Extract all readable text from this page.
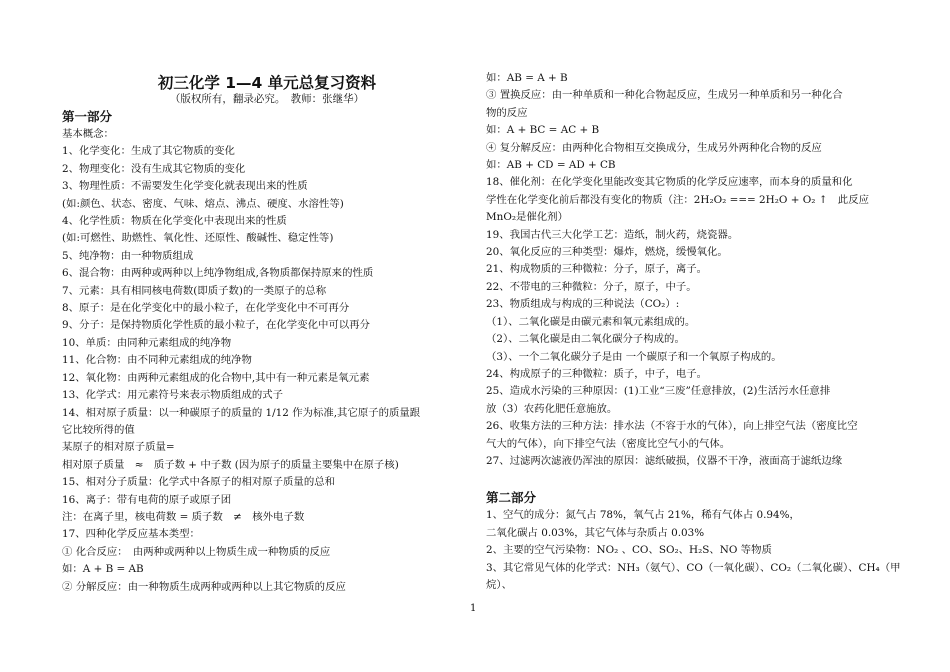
初三化学 1—4 单元总复习资料
（版权所有，翻录必究。　教师：张继华）
第一部分
基本概念：
1、化学变化：生成了其它物质的变化
2、物理变化：没有生成其它物质的变化
3、物理性质：不需要发生化学变化就表现出来的性质
(如:颜色、状态、密度、气味、熔点、沸点、硬度、水溶性等)
4、化学性质：物质在化学变化中表现出来的性质
(如:可燃性、助燃性、氧化性、还原性、酸碱性、稳定性等)
5、纯净物：由一种物质组成
6、混合物：由两种或两种以上纯净物组成,各物质都保持原来的性质
7、元素：具有相同核电荷数(即质子数)的一类原子的总称
8、原子：是在化学变化中的最小粒子，在化学变化中不可再分
9、分子：是保持物质化学性质的最小粒子，在化学变化中可以再分
10、单质：由同种元素组成的纯净物
11、化合物：由不同种元素组成的纯净物
12、氧化物：由两种元素组成的化合物中,其中有一种元素是氧元素
13、化学式：用元素符号来表示物质组成的式子
14、相对原子质量：以一种碳原子的质量的 1/12 作为标准,其它原子的质量跟
它比较所得的值
某原子的相对原子质量=
相对原子质量　≈　质子数 + 中子数 (因为原子的质量主要集中在原子核)
15、相对分子质量：化学式中各原子的相对原子质量的总和
16、离子：带有电荷的原子或原子团
注：在离子里，核电荷数 = 质子数　≠　核外电子数
17、四种化学反应基本类型：
① 化合反应：　由两种或两种以上物质生成一种物质的反应
如：A + B = AB
② 分解反应：由一种物质生成两种或两种以上其它物质的反应
如：AB = A + B
③ 置换反应：由一种单质和一种化合物起反应，生成另一种单质和另一种化合
物的反应
如：A + BC = AC + B
④ 复分解反应：由两种化合物相互交换成分，生成另外两种化合物的反应
如：AB + CD = AD + CB
18、催化剂：在化学变化里能改变其它物质的化学反应速率，而本身的质量和化
学性在化学变化前后都没有变化的物质（注：2H₂O₂ === 2H₂O + O₂ ↑　此反应
MnO₂是催化剂）
19、我国古代三大化学工艺：造纸，制火药，烧瓷器。
20、氧化反应的三种类型：爆炸，燃烧，缓慢氧化。
21、构成物质的三种微粒：分子，原子，离子。
22、不带电的三种微粒：分子，原子，中子。
23、物质组成与构成的三种说法（CO₂）:
（1）、二氧化碳是由碳元素和氧元素组成的。
（2）、二氧化碳是由二氧化碳分子构成的。
（3）、一个二氧化碳分子是由 一个碳原子和一个氧原子构成的。
24、构成原子的三种微粒：质子，中子，电子。
25、造成水污染的三种原因：(1)工业“三废”任意排放，(2)生活污水任意排
放（3）农药化肥任意施放。
26、收集方法的三种方法：排水法（不容于水的气体），向上排空气法（密度比空
气大的气体），向下排空气法（密度比空气小的气体。
27、过滤两次滤液仍浑浊的原因：滤纸破损，仪器不干净，液面高于滤纸边缘
第二部分
1、空气的成分：氮气占 78%，氧气占 21%，稀有气体占 0.94%，
二氧化碳占 0.03%，其它气体与杂质占 0.03%
2、主要的空气污染物：NO₂ 、CO、SO₂、H₂S、NO 等物质
3、其它常见气体的化学式：NH₃（氨气）、CO（一氧化碳）、CO₂（二氧化碳）、CH₄（甲
烷）、
1
